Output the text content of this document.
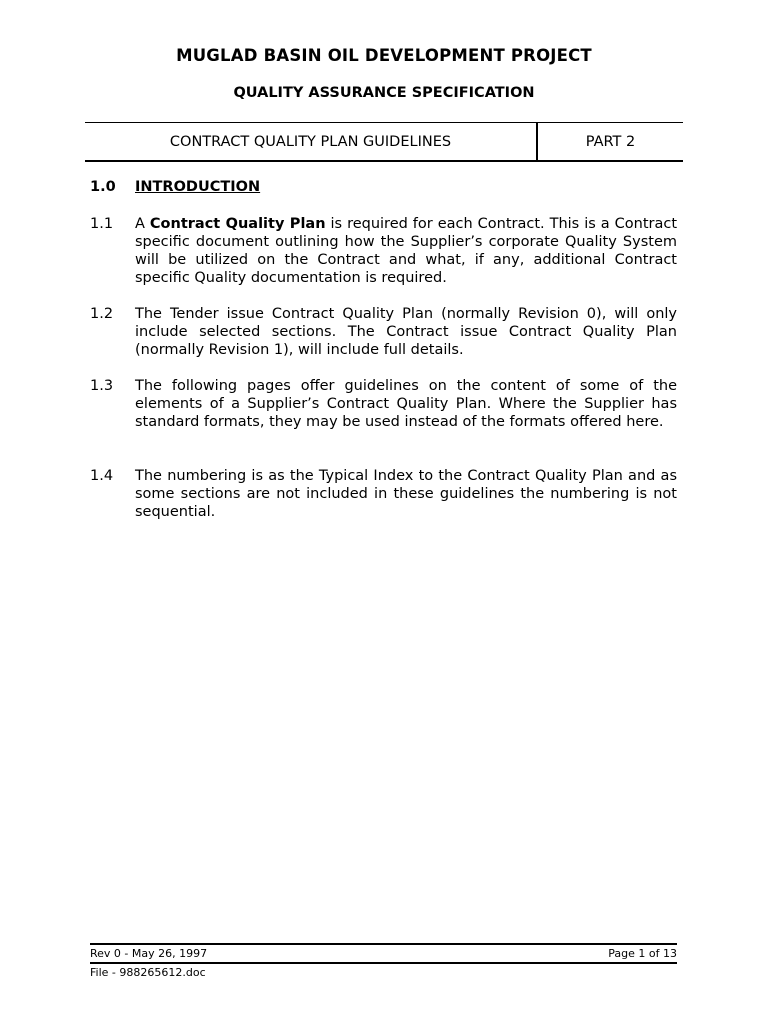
MUGLAD BASIN OIL DEVELOPMENT PROJECT
QUALITY ASSURANCE SPECIFICATION
CONTRACT QUALITY PLAN GUIDELINES	PART 2
1.0	INTRODUCTION
1.1	A Contract Quality Plan is required for each Contract. This is a Contract specific document outlining how the Supplier’s corporate Quality System will be utilized on the Contract and what, if any, additional Contract specific Quality documentation is required.
1.2	The Tender issue Contract Quality Plan (normally Revision 0), will only include selected sections. The Contract issue Contract Quality Plan (normally Revision 1), will include full details.
1.3	The following pages offer guidelines on the content of some of the elements of a Supplier’s Contract Quality Plan. Where the Supplier has standard formats, they may be used instead of the formats offered here.
1.4	The numbering is as the Typical Index to the Contract Quality Plan and as some sections are not included in these guidelines the numbering is not sequential.
Rev 0 - May 26, 1997	Page 1 of 13
File - 988265612.doc
